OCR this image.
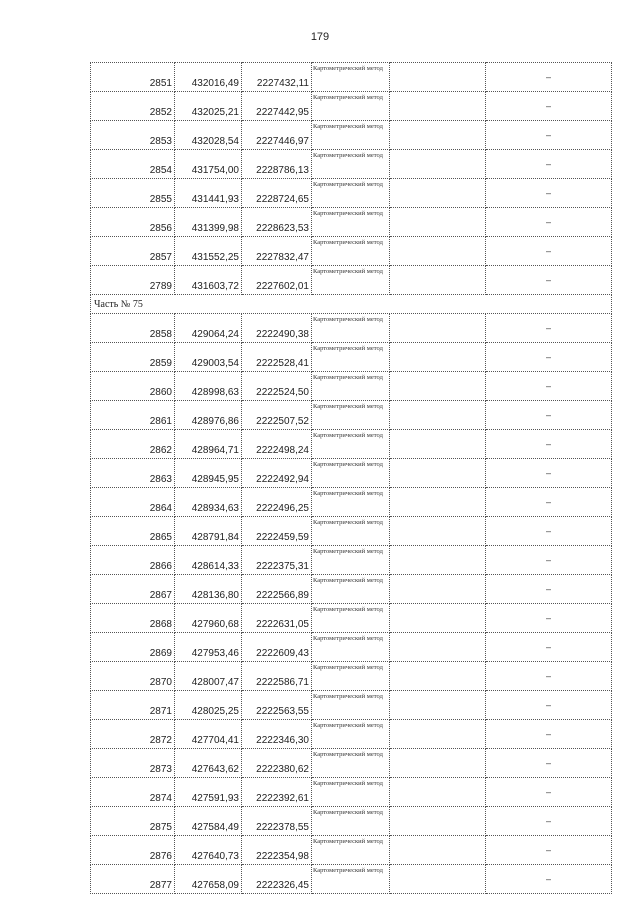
179
2851	432016,49	2227432,11	Картометрический метод		–
2852	432025,21	2227442,95	Картометрический метод		–
2853	432028,54	2227446,97	Картометрический метод		–
2854	431754,00	2228786,13	Картометрический метод		–
2855	431441,93	2228724,65	Картометрический метод		–
2856	431399,98	2228623,53	Картометрический метод		–
2857	431552,25	2227832,47	Картометрический метод		–
2789	431603,72	2227602,01	Картометрический метод		–
Часть № 75					
2858	429064,24	2222490,38	Картометрический метод		–
2859	429003,54	2222528,41	Картометрический метод		–
2860	428998,63	2222524,50	Картометрический метод		–
2861	428976,86	2222507,52	Картометрический метод		–
2862	428964,71	2222498,24	Картометрический метод		–
2863	428945,95	2222492,94	Картометрический метод		–
2864	428934,63	2222496,25	Картометрический метод		–
2865	428791,84	2222459,59	Картометрический метод		–
2866	428614,33	2222375,31	Картометрический метод		–
2867	428136,80	2222566,89	Картометрический метод		–
2868	427960,68	2222631,05	Картометрический метод		–
2869	427953,46	2222609,43	Картометрический метод		–
2870	428007,47	2222586,71	Картометрический метод		–
2871	428025,25	2222563,55	Картометрический метод		–
2872	427704,41	2222346,30	Картометрический метод		–
2873	427643,62	2222380,62	Картометрический метод		–
2874	427591,93	2222392,61	Картометрический метод		–
2875	427584,49	2222378,55	Картометрический метод		–
2876	427640,73	2222354,98	Картометрический метод		–
2877	427658,09	2222326,45	Картометрический метод		–
